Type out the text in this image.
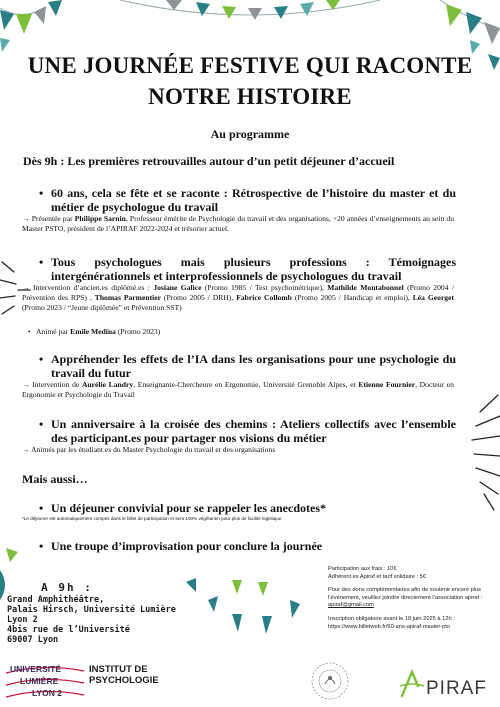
UNE JOURNÉE FESTIVE QUI RACONTE NOTRE HISTOIRE
Au programme
Dès 9h : Les premières retrouvailles autour d’un petit déjeuner d’accueil
• 60 ans, cela se fête et se raconte : Rétrospective de l’histoire du master et du métier de psychologue du travail
→ Présentée par Philippe Sarnin, Professeur émérite de Psychologie du travail et des organisations, +20 années d’enseignements au sein du Master PSTO, président de l’APIRAF 2022-2024 et trésorier actuel.
• Tous psychologues mais plusieurs professions : Témoignages intergénérationnels et interprofessionnels de psychologues du travail
→ Intervention d’ancien.es diplômé.es : Josiane Galice (Promo 1985 / Test psychométrique), Mathilde Montabonnel (Promo 2004 / Prévention des RPS) , Thomas Parmentier (Promo 2005 / DRH), Fabrice Collomb (Promo 2005 / Handicap et emploi), Léa Georget (Promo 2023 / “Jeune diplômée” et Prévention SST)
• Animé par Emile Medina (Promo 2023)
• Appréhender les effets de l’IA dans les organisations pour une psychologie du travail du futur
→ Intervention de Aurélie Landry, Enseignante-Chercheure en Ergonomie, Université Grenoble Alpes, et Etienne Fournier, Docteur en Ergonomie et Psychologie du Travail
• Un anniversaire à la croisée des chemins : Ateliers collectifs avec l’ensemble des participant.es pour partager nos visions du métier
→ Animés par les étudiant.es du Master Psychologie du travail et des organisations
Mais aussi…
• Un déjeuner convivial pour se rappeler les anecdotes*
*Le déjeuner est automatiquement compris dans le billet de participation et sera 100% végétarien pour plus de facilité logistique
• Une troupe d’improvisation pour conclure la journée
A 9h :
Grand Amphithéâtre,
Palais Hirsch, Université Lumière
Lyon 2
4bis rue de l’Université
69007 Lyon

Participation aux frais : 10€
Adhérent.es Apiraf et tarif solidaire : 5€

Pour des dons complémentaires afin de soutenir encore plus l’événement, veuillez joindre directement l’association apiraf : apiraf@gmail.com

Inscription obligatoire avant le 18 juin 2025 à 12h :
https://www.billetweb.fr/60-ans-apiraf-master-pto

UNIVERSITÉ
LUMIÈRE
LYON 2
INSTITUT DE
PSYCHOLOGIE	PIRAF
